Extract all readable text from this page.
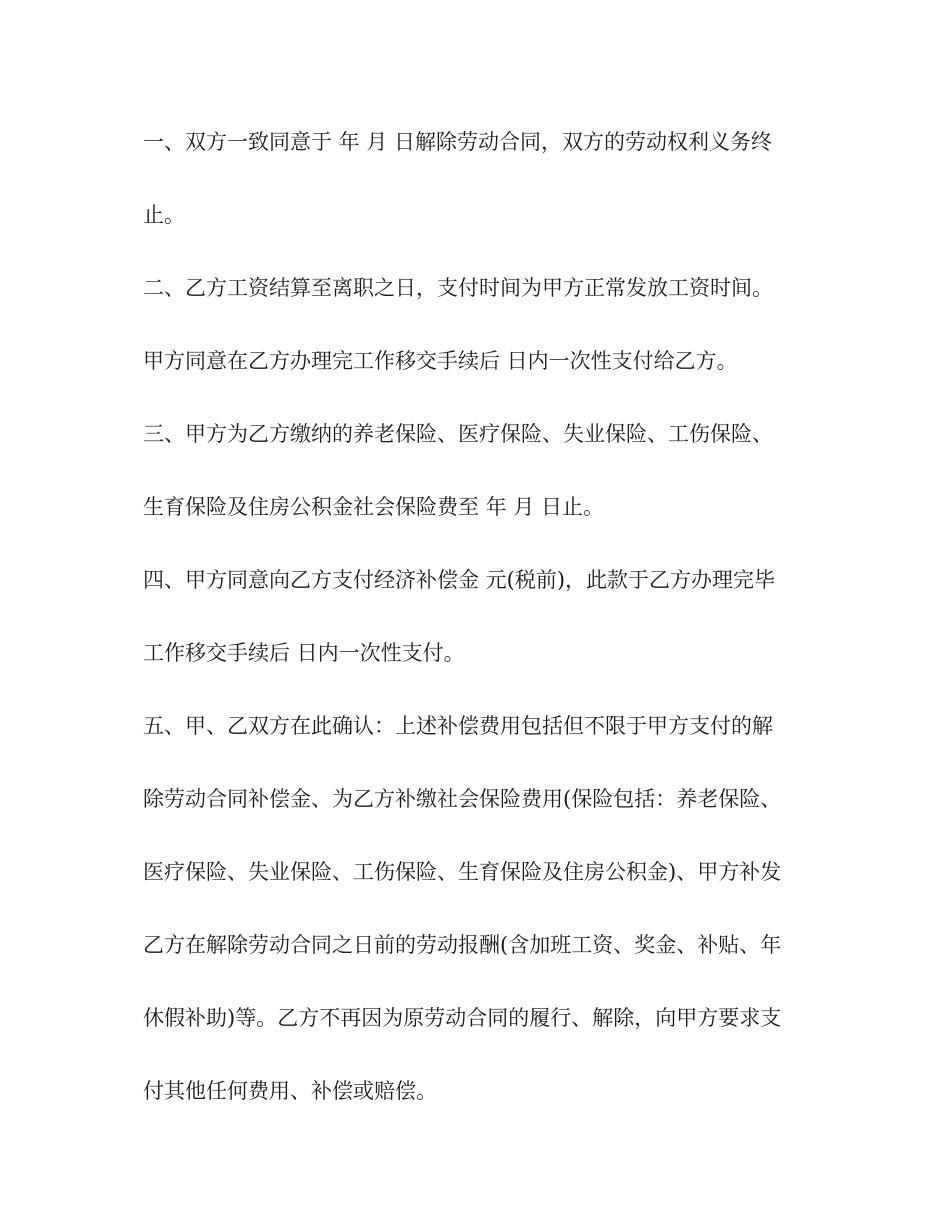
一、双方一致同意于 年 月 日解除劳动合同，双方的劳动权利义务终
止。
二、乙方工资结算至离职之日，支付时间为甲方正常发放工资时间。
甲方同意在乙方办理完工作移交手续后 日内一次性支付给乙方。
三、甲方为乙方缴纳的养老保险、医疗保险、失业保险、工伤保险、
生育保险及住房公积金社会保险费至 年 月 日止。
四、甲方同意向乙方支付经济补偿金 元(税前)，此款于乙方办理完毕
工作移交手续后 日内一次性支付。
五、甲、乙双方在此确认：上述补偿费用包括但不限于甲方支付的解
除劳动合同补偿金、为乙方补缴社会保险费用(保险包括：养老保险、
医疗保险、失业保险、工伤保险、生育保险及住房公积金)、甲方补发
乙方在解除劳动合同之日前的劳动报酬(含加班工资、奖金、补贴、年
休假补助)等。乙方不再因为原劳动合同的履行、解除，向甲方要求支
付其他任何费用、补偿或赔偿。
